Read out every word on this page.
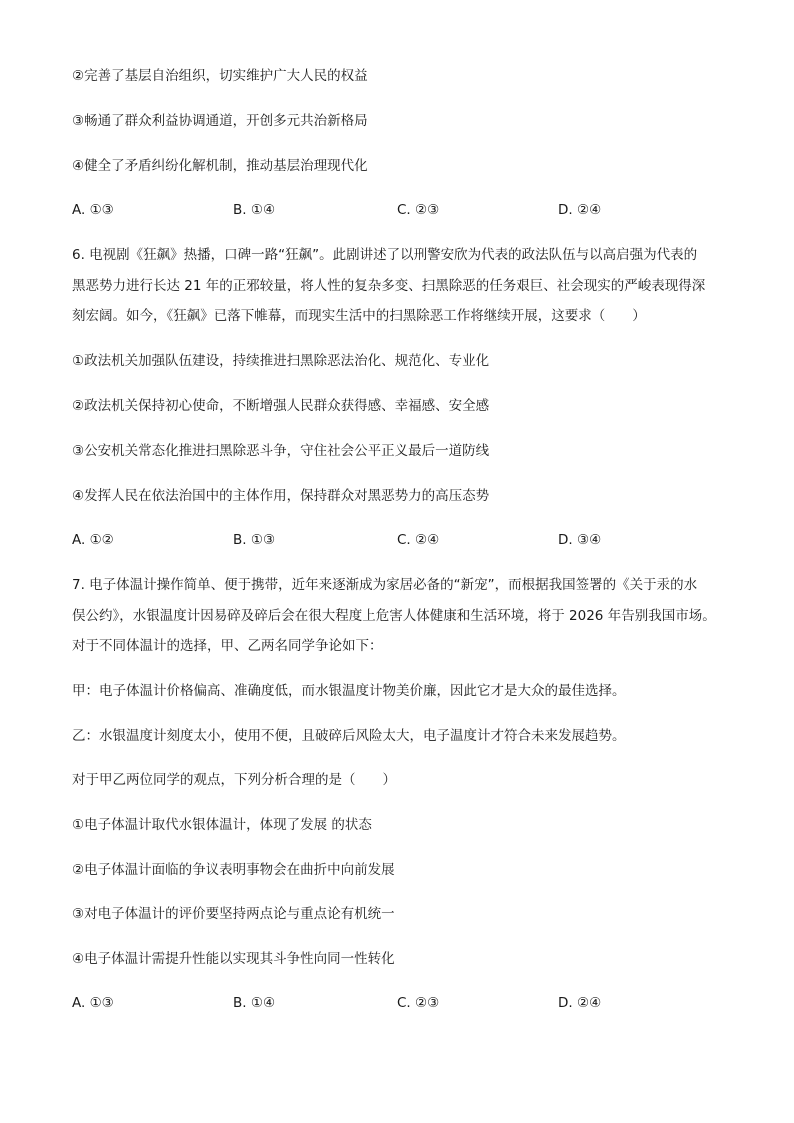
②完善了基层自治组织，切实维护广大人民的权益
③畅通了群众利益协调通道，开创多元共治新格局
④健全了矛盾纠纷化解机制，推动基层治理现代化
A. ①③	B. ①④	C. ②③	D. ②④
6. 电视剧《狂飙》热播，口碑一路“狂飙”。此剧讲述了以刑警安欣为代表的政法队伍与以高启强为代表的
黑恶势力进行长达 21 年的正邪较量，将人性的复杂多变、扫黑除恶的任务艰巨、社会现实的严峻表现得深
刻宏阔。如今，《狂飙》已落下帷幕，而现实生活中的扫黑除恶工作将继续开展，这要求（　　）
①政法机关加强队伍建设，持续推进扫黑除恶法治化、规范化、专业化
②政法机关保持初心使命，不断增强人民群众获得感、幸福感、安全感
③公安机关常态化推进扫黑除恶斗争，守住社会公平正义最后一道防线
④发挥人民在依法治国中的主体作用，保持群众对黑恶势力的高压态势
A. ①②	B. ①③	C. ②④	D. ③④
7. 电子体温计操作简单、便于携带，近年来逐渐成为家居必备的“新宠”，而根据我国签署的《关于汞的水
俣公约》，水银温度计因易碎及碎后会在很大程度上危害人体健康和生活环境，将于 2026 年告别我国市场。
对于不同体温计的选择，甲、乙两名同学争论如下：
甲：电子体温计价格偏高、准确度低，而水银温度计物美价廉，因此它才是大众的最佳选择。
乙：水银温度计刻度太小，使用不便，且破碎后风险太大，电子温度计才符合未来发展趋势。
对于甲乙两位同学的观点，下列分析合理的是（　　）
①电子体温计取代水银体温计，体现了发展 的状态
②电子体温计面临的争议表明事物会在曲折中向前发展
③对电子体温计的评价要坚持两点论与重点论有机统一
④电子体温计需提升性能以实现其斗争性向同一性转化
A. ①③	B. ①④	C. ②③	D. ②④
